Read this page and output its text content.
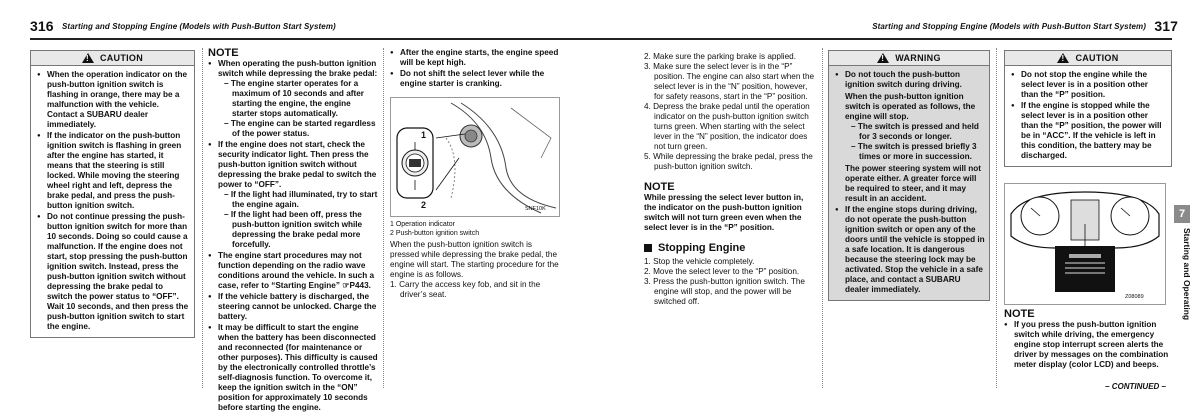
316 Starting and Stopping Engine (Models with Push-Button Start System)
! CAUTION
● When the operation indicator on the push-button ignition switch is flashing in orange, there may be a malfunction with the vehicle. Contact a SUBARU dealer immediately.
● If the indicator on the push-button ignition switch is flashing in green after the engine has started, it means that the steering is still locked. While moving the steering wheel right and left, depress the brake pedal, and press the push-button ignition switch.
● Do not continue pressing the push-button ignition switch for more than 10 seconds. Doing so could cause a malfunction. If the engine does not start, stop pressing the push-button ignition switch. Instead, press the push-button ignition switch without depressing the brake pedal to switch the power status to “OFF”. Wait 10 seconds, and then press the push-button ignition switch to start the engine.
NOTE
● When operating the push-button ignition switch while depressing the brake pedal:
– The engine starter operates for a maximum of 10 seconds and after starting the engine, the engine starter stops automatically.
– The engine can be started regardless of the power status.
● If the engine does not start, check the security indicator light. Then press the push-button ignition switch without depressing the brake pedal to switch the power to “OFF”.
– If the light had illuminated, try to start the engine again.
– If the light had been off, press the push-button ignition switch while depressing the brake pedal more forcefully.
● The engine start procedures may not function depending on the radio wave conditions around the vehicle. In such a case, refer to “Starting Engine” ☞P443.
● If the vehicle battery is discharged, the steering cannot be unlocked. Charge the battery.
● It may be difficult to start the engine when the battery has been disconnected and reconnected (for maintenance or other purposes). This difficulty is caused by the electronically controlled throttle’s self-diagnosis function. To overcome it, keep the ignition switch in the “ON” position for approximately 10 seconds before starting the engine.
● After the engine starts, the engine speed will be kept high.
● Do not shift the select lever while the engine starter is cranking.
1
2	SNF10K
1 Operation indicator
2 Push-button ignition switch

When the push-button ignition switch is pressed while depressing the brake pedal, the engine will start. The starting procedure for the engine is as follows.

1. Carry the access key fob, and sit in the driver’s seat.

Starting and Stopping Engine (Models with Push-Button Start System) 317

2. Make sure the parking brake is applied.

3. Make sure the select lever is in the “P” position. The engine can also start when the select lever is in the “N” position, however, for safety reasons, start in the “P” position.

4. Depress the brake pedal until the operation indicator on the push-button ignition switch turns green. When starting with the select lever in the “N” position, the indicator does not turn green.

5. While depressing the brake pedal, press the push-button ignition switch.

NOTE

While pressing the select lever button in, the indicator on the push-button ignition switch will not turn green even when the select lever is in the “P” position.

Stopping Engine

1. Stop the vehicle completely.

2. Move the select lever to the “P” position.

3. Press the push-button ignition switch. The engine will stop, and the power will be switched off.

! WARNING
● Do not touch the push-button ignition switch during driving.
When the push-button ignition switch is operated as follows, the engine will stop.
– The switch is pressed and held for 3 seconds or longer.
– The switch is pressed briefly 3 times or more in succession.
The power steering system will not operate either. A greater force will be required to steer, and it may result in an accident.
● If the engine stops during driving, do not operate the push-button ignition switch or open any of the doors until the vehicle is stopped in a safe location. It is dangerous because the steering lock may be activated. Stop the vehicle in a safe place, and contact a SUBARU dealer immediately.
! CAUTION
● Do not stop the engine while the select lever is in a position other than the “P” position.
● If the engine is stopped while the select lever is in a position other than the “P” position, the power will be in “ACC”. If the vehicle is left in this condition, the battery may be discharged.
Z08089
NOTE
● If you press the push-button ignition switch while driving, the emergency engine stop interrupt screen alerts the driver by messages on the combination meter display (color LCD) and beeps.
7
Starting and Operating
– CONTINUED –
